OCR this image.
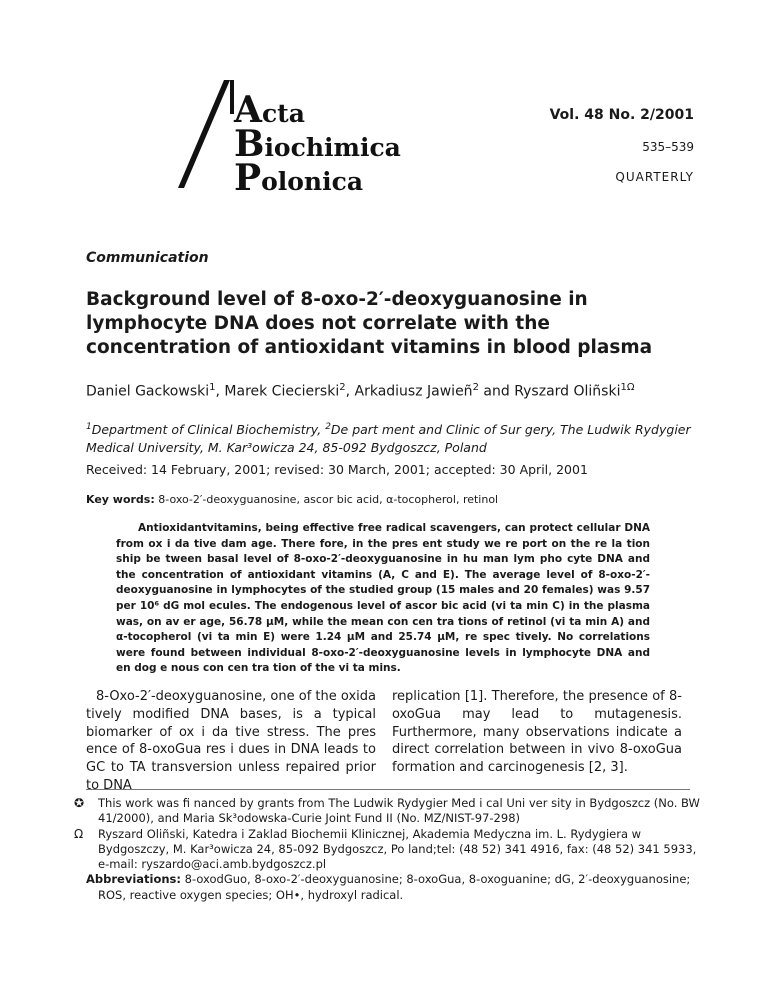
Acta
Biochimica
Polonica
Vol. 48 No. 2/2001
535–539
QUARTERLY
Communication
Background level of 8-oxo-2′-deoxyguanosine in lymphocyte DNA does not correlate with the concentration of antioxidant vitamins in blood plasma
Daniel Gackowski$^1$, Marek Ciecierski$^2$, Arkadiusz Jawieñ$^2$ and Ryszard Oliñski$^{1\Omega}$
$^1$Department of Clinical Biochemistry, $^2$De part ment and Clinic of Sur gery, The Ludwik Rydygier Medical University, M. Kar³owicza 24, 85-092 Bydgoszcz, Poland
Received: 14 February, 2001; revised: 30 March, 2001; accepted: 30 April, 2001
Key words: 8-oxo-2′-deoxyguanosine, ascor bic acid, α-tocopherol, retinol

Antioxidantvitamins, being effective free radical scavengers, can protect cellular DNA from ox i da tive dam age. There fore, in the pres ent study we re port on the re la tion ship be tween basal level of 8-oxo-2′-deoxyguanosine in hu man lym pho cyte DNA and the concentration of antioxidant vitamins (A, C and E). The average level of 8-oxo-2′-deoxyguanosine in lymphocytes of the studied group (15 males and 20 females) was 9.57 per 10⁶ dG mol ecules. The endogenous level of ascor bic acid (vi ta min C) in the plasma was, on av er age, 56.78 μM, while the mean con cen tra tions of retinol (vi ta min A) and α-tocopherol (vi ta min E) were 1.24 μM and 25.74 μM, re spec tively. No correlations were found between individual 8-oxo-2′-deoxyguanosine levels in lymphocyte DNA and en dog e nous con cen tra tion of the vi ta mins.

8-Oxo-2′-deoxyguanosine, one of the oxida tively modified DNA bases, is a typical biomarker of ox i da tive stress. The pres ence of 8-oxoGua res i dues in DNA leads to GC to TA transversion unless repaired prior to DNA

replication [1]. Therefore, the presence of 8-oxoGua may lead to mutagenesis. Furthermore, many observations indicate a direct correlation between in vivo 8-oxoGua formation and carcinogenesis [2, 3].

✪ This work was fi nanced by grants from The Ludwik Rydygier Med i cal Uni ver sity in Bydgoszcz (No. BW 41/2000), and Maria Sk³odowska-Curie Joint Fund II (No. MZ/NIST-97-298)

Ω Ryszard Oliñski, Katedra i Zaklad Biochemii Klinicznej, Akademia Medyczna im. L. Rydygiera w Bydgoszczy, M. Kar³owicza 24, 85-092 Bydgoszcz, Po land;tel: (48 52) 341 4916, fax: (48 52) 341 5933, e-mail: ryszardo@aci.amb.bydgoszcz.pl

Abbreviations: 8-oxodGuo, 8-oxo-2′-deoxyguanosine; 8-oxoGua, 8-oxoguanine; dG, 2′-deoxyguanosine; ROS, reactive oxygen species; OH•, hydroxyl radical.
